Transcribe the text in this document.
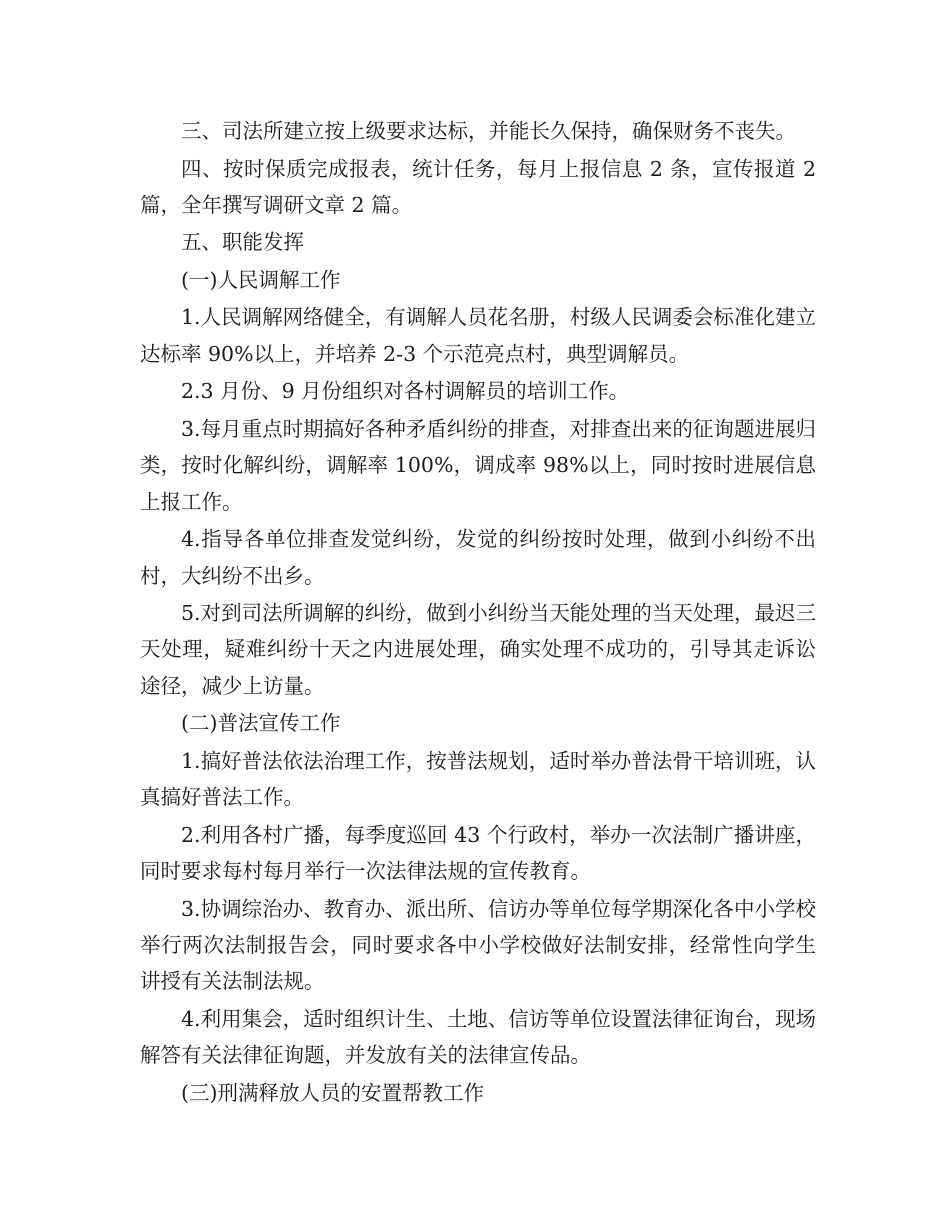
三、司法所建立按上级要求达标，并能长久保持，确保财务不丧失。

四、按时保质完成报表，统计任务，每月上报信息 2 条，宣传报道 2 篇，全年撰写调研文章 2 篇。

五、职能发挥

(一)人民调解工作

1.人民调解网络健全，有调解人员花名册，村级人民调委会标准化建立达标率 90%以上，并培养 2-3 个示范亮点村，典型调解员。

2.3 月份、9 月份组织对各村调解员的培训工作。

3.每月重点时期搞好各种矛盾纠纷的排查，对排查出来的征询题进展归类，按时化解纠纷，调解率 100%，调成率 98%以上，同时按时进展信息上报工作。

4.指导各单位排查发觉纠纷，发觉的纠纷按时处理，做到小纠纷不出村，大纠纷不出乡。

5.对到司法所调解的纠纷，做到小纠纷当天能处理的当天处理，最迟三天处理，疑难纠纷十天之内进展处理，确实处理不成功的，引导其走诉讼途径，减少上访量。

(二)普法宣传工作

1.搞好普法依法治理工作，按普法规划，适时举办普法骨干培训班，认真搞好普法工作。

2.利用各村广播，每季度巡回 43 个行政村，举办一次法制广播讲座，同时要求每村每月举行一次法律法规的宣传教育。

3.协调综治办、教育办、派出所、信访办等单位每学期深化各中小学校举行两次法制报告会，同时要求各中小学校做好法制安排，经常性向学生讲授有关法制法规。

4.利用集会，适时组织计生、土地、信访等单位设置法律征询台，现场解答有关法律征询题，并发放有关的法律宣传品。

(三)刑满释放人员的安置帮教工作
